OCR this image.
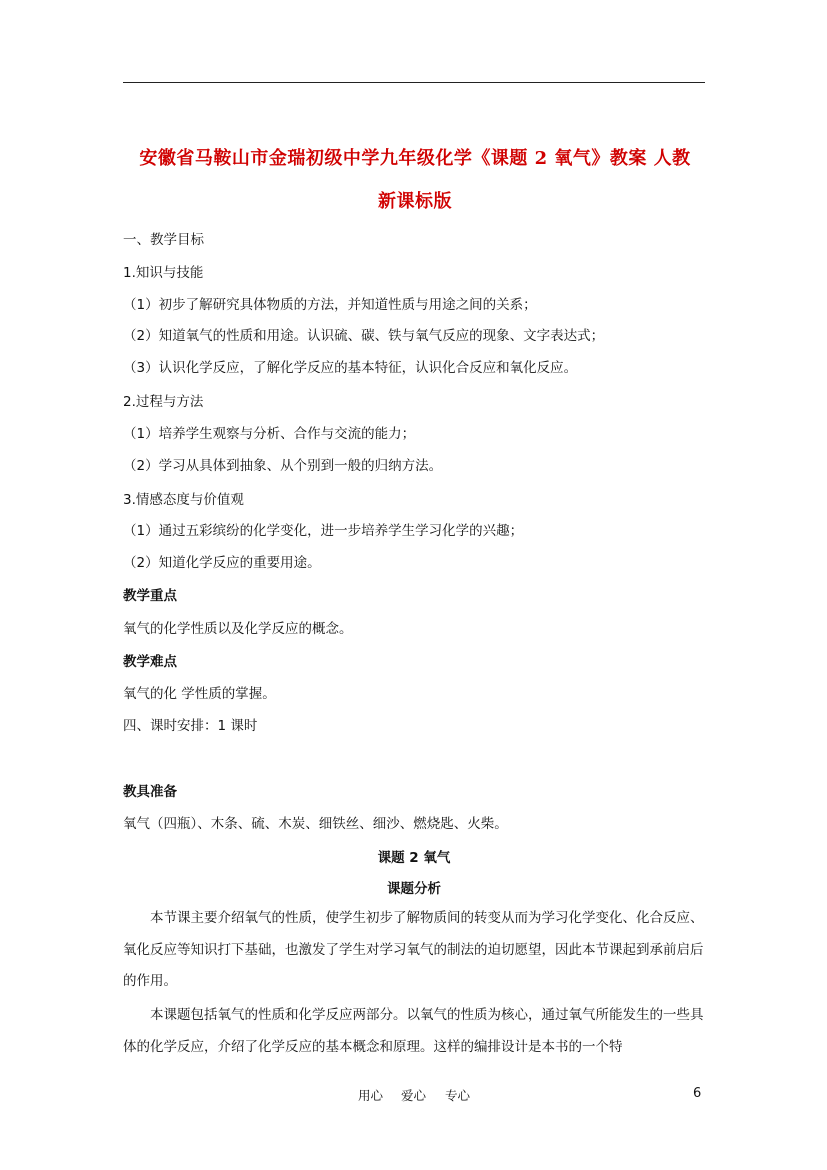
安徽省马鞍山市金瑞初级中学九年级化学《课题 2 氧气》教案 人教
新课标版
一、教学目标
1.知识与技能
（1）初步了解研究具体物质的方法，并知道性质与用途之间的关系；
（2）知道氧气的性质和用途。认识硫、碳、铁与氧气反应的现象、文字表达式；
（3）认识化学反应，了解化学反应的基本特征，认识化合反应和氧化反应。
2.过程与方法
（1）培养学生观察与分析、合作与交流的能力；
（2）学习从具体到抽象、从个别到一般的归纳方法。
3.情感态度与价值观
（1）通过五彩缤纷的化学变化，进一步培养学生学习化学的兴趣；
（2）知道化学反应的重要用途。
教学重点
氧气的化学性质以及化学反应的概念。
教学难点
氧气的化 学性质的掌握。
四、课时安排：1 课时
教具准备
氧气（四瓶）、木条、硫、木炭、细铁丝、细沙、燃烧匙、火柴。
课题 2 氧气
课题分析
本节课主要介绍氧气的性质，使学生初步了解物质间的转变从而为学习化学变化、化合反应、氧化反应等知识打下基础，也激发了学生对学习氧气的制法的迫切愿望，因此本节课起到承前启后的作用。
本课题包括氧气的性质和化学反应两部分。以氧气的性质为核心，通过氧气所能发生的一些具体的化学反应，介绍了化学反应的基本概念和原理。这样的编排设计是本书的一个特
用心 爱心 专心	6
